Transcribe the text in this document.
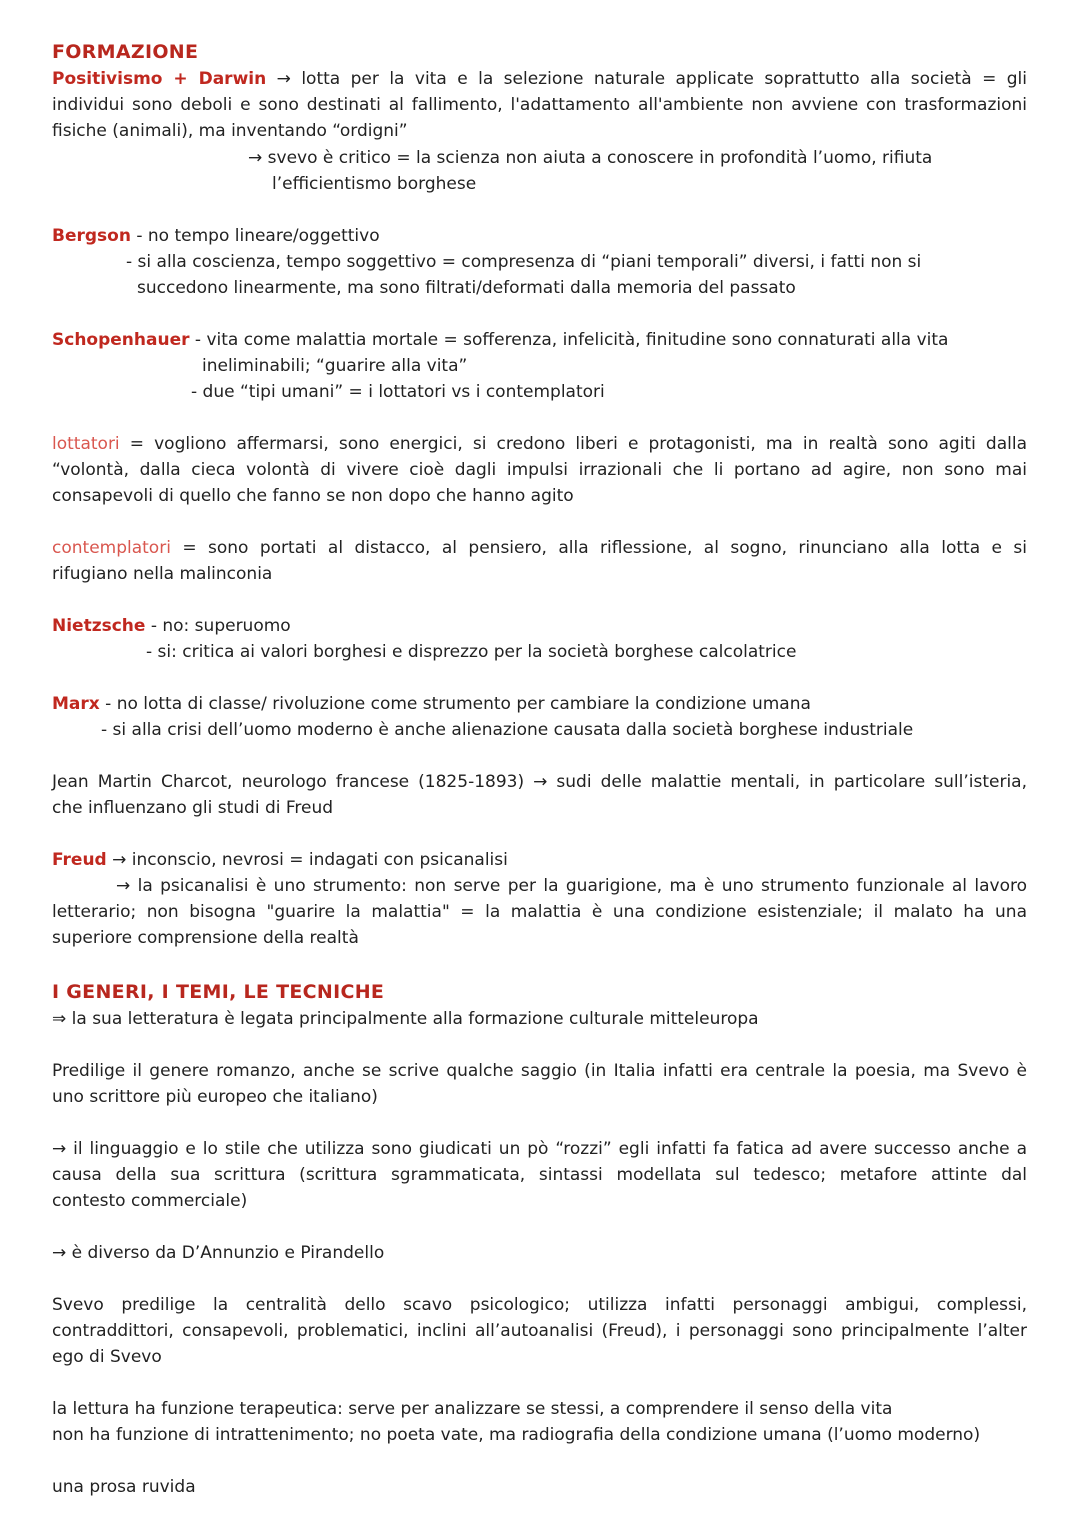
FORMAZIONE
Positivismo + Darwin → lotta per la vita e la selezione naturale applicate soprattutto alla società = gli
individui sono deboli e sono destinati al fallimento, l'adattamento all'ambiente non avviene con trasformazioni
fisiche (animali), ma inventando “ordigni”
→ svevo è critico = la scienza non aiuta a conoscere in profondità l’uomo, rifiuta
l’efficientismo borghese
Bergson - no tempo lineare/oggettivo
- si alla coscienza, tempo soggettivo = compresenza di “piani temporali” diversi, i fatti non si
succedono linearmente, ma sono filtrati/deformati dalla memoria del passato
Schopenhauer - vita come malattia mortale = sofferenza, infelicità, finitudine sono connaturati alla vita
ineliminabili; “guarire alla vita”
- due “tipi umani” = i lottatori vs i contemplatori
lottatori = vogliono affermarsi, sono energici, si credono liberi e protagonisti, ma in realtà sono agiti dalla
“volontà, dalla cieca volontà di vivere cioè dagli impulsi irrazionali che li portano ad agire, non sono mai
consapevoli di quello che fanno se non dopo che hanno agito
contemplatori = sono portati al distacco, al pensiero, alla riflessione, al sogno, rinunciano alla lotta e si
rifugiano nella malinconia
Nietzsche - no: superuomo
- si: critica ai valori borghesi e disprezzo per la società borghese calcolatrice
Marx - no lotta di classe/ rivoluzione come strumento per cambiare la condizione umana
- si alla crisi dell’uomo moderno è anche alienazione causata dalla società borghese industriale
Jean Martin Charcot, neurologo francese (1825-1893) → sudi delle malattie mentali, in particolare sull’isteria,
che influenzano gli studi di Freud
Freud → inconscio, nevrosi = indagati con psicanalisi
→ la psicanalisi è uno strumento: non serve per la guarigione, ma è uno strumento funzionale al lavoro
letterario; non bisogna "guarire la malattia" = la malattia è una condizione esistenziale; il malato ha una
superiore comprensione della realtà
I GENERI, I TEMI, LE TECNICHE
⇒ la sua letteratura è legata principalmente alla formazione culturale mitteleuropa
Predilige il genere romanzo, anche se scrive qualche saggio (in Italia infatti era centrale la poesia, ma Svevo è
uno scrittore più europeo che italiano)
→ il linguaggio e lo stile che utilizza sono giudicati un pò “rozzi” egli infatti fa fatica ad avere successo anche a
causa della sua scrittura (scrittura sgrammaticata, sintassi modellata sul tedesco; metafore attinte dal
contesto commerciale)
→ è diverso da D’Annunzio e Pirandello
Svevo predilige la centralità dello scavo psicologico; utilizza infatti personaggi ambigui, complessi,
contraddittori, consapevoli, problematici, inclini all’autoanalisi (Freud), i personaggi sono principalmente l’alter
ego di Svevo
la lettura ha funzione terapeutica: serve per analizzare se stessi, a comprendere il senso della vita
non ha funzione di intrattenimento; no poeta vate, ma radiografia della condizione umana (l’uomo moderno)
una prosa ruvida
